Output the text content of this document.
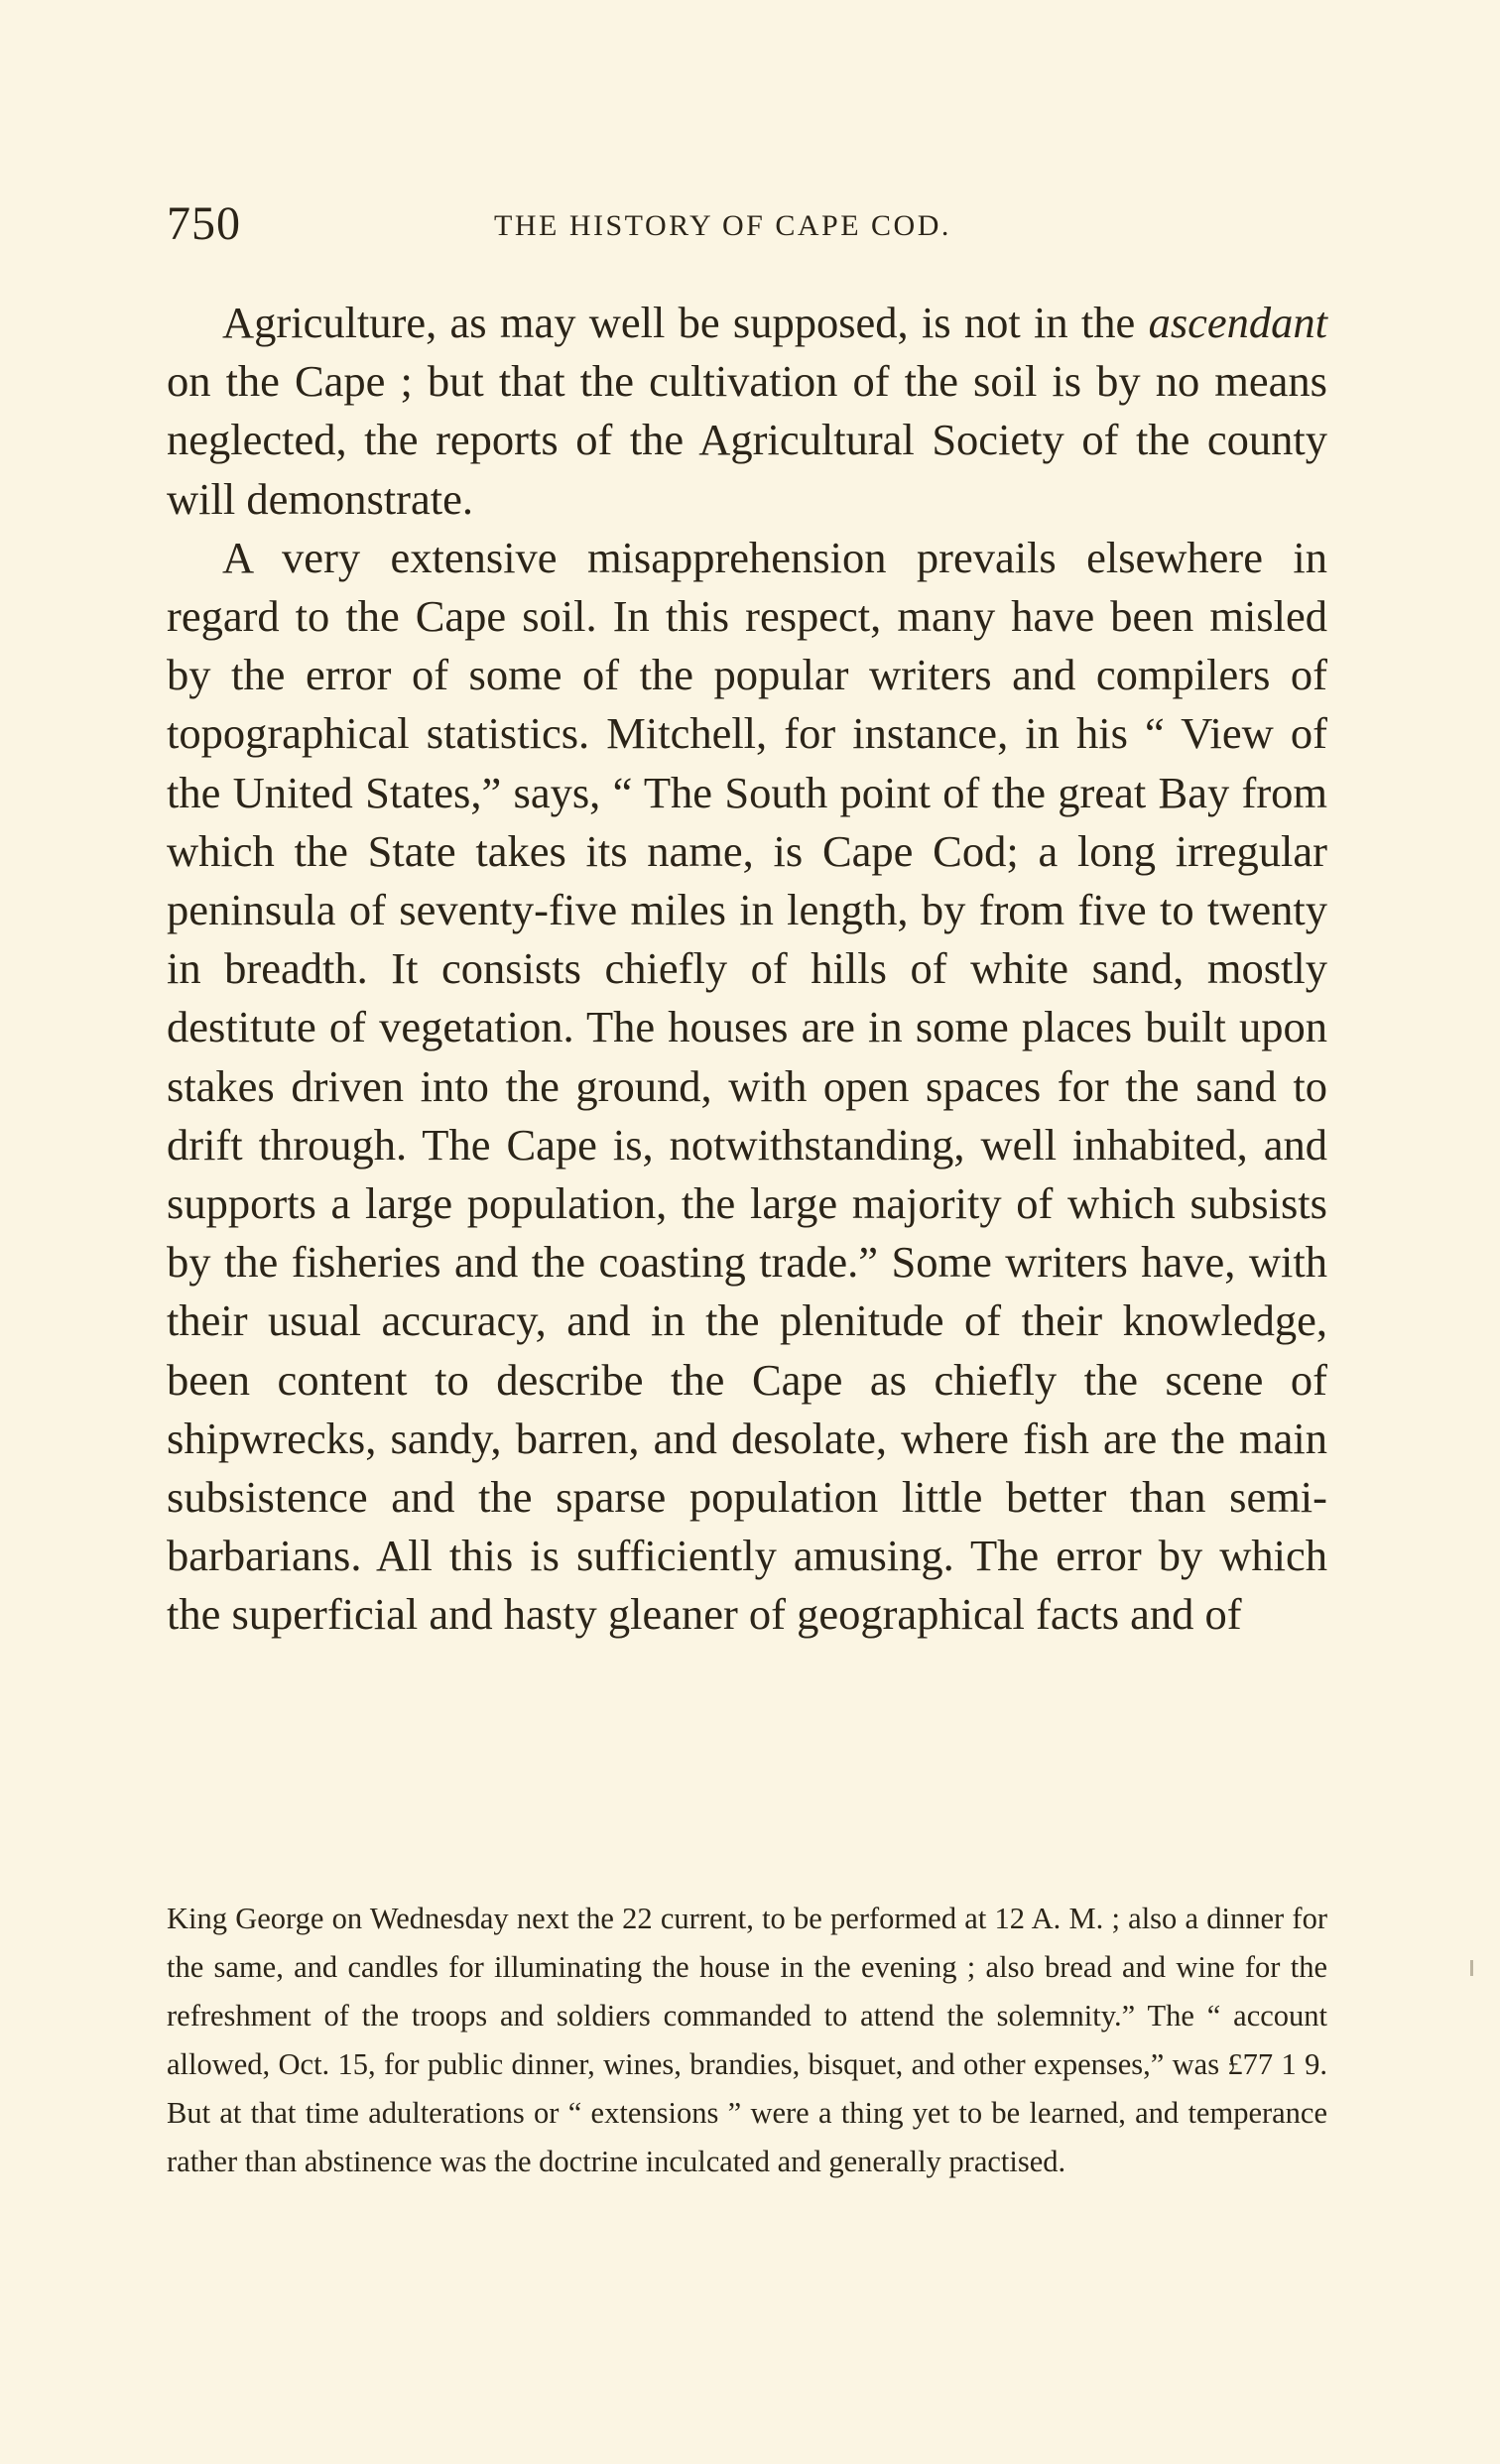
750	THE HISTORY OF CAPE COD.

Agriculture, as may well be supposed, is not in the ascendant on the Cape ; but that the cultivation of the soil is by no means neglected, the reports of the Agricultural Society of the county will demonstrate.

A very extensive misapprehension prevails elsewhere in regard to the Cape soil. In this respect, many have been misled by the error of some of the popular writers and compilers of topographical statistics. Mitchell, for instance, in his “ View of the United States,” says, “ The South point of the great Bay from which the State takes its name, is Cape Cod; a long irregular peninsula of seventy-five miles in length, by from five to twenty in breadth. It consists chiefly of hills of white sand, mostly destitute of vegetation. The houses are in some places built upon stakes driven into the ground, with open spaces for the sand to drift through. The Cape is, notwithstanding, well inhabited, and supports a large population, the large majority of which subsists by the fisheries and the coasting trade.” Some writers have, with their usual accuracy, and in the plenitude of their knowledge, been content to describe the Cape as chiefly the scene of shipwrecks, sandy, barren, and desolate, where fish are the main subsistence and the sparse population little better than semi-barbarians. All this is sufficiently amusing. The error by which the superficial and hasty gleaner of geographical facts and of

King George on Wednesday next the 22 current, to be performed at 12 A. M. ; also a dinner for the same, and candles for illuminating the house in the evening ; also bread and wine for the refreshment of the troops and soldiers commanded to attend the solemnity.” The “ account allowed, Oct. 15, for public dinner, wines, brandies, bisquet, and other expenses,” was £77 1 9. But at that time adulterations or “ extensions ” were a thing yet to be learned, and temperance rather than abstinence was the doctrine inculcated and generally practised.
